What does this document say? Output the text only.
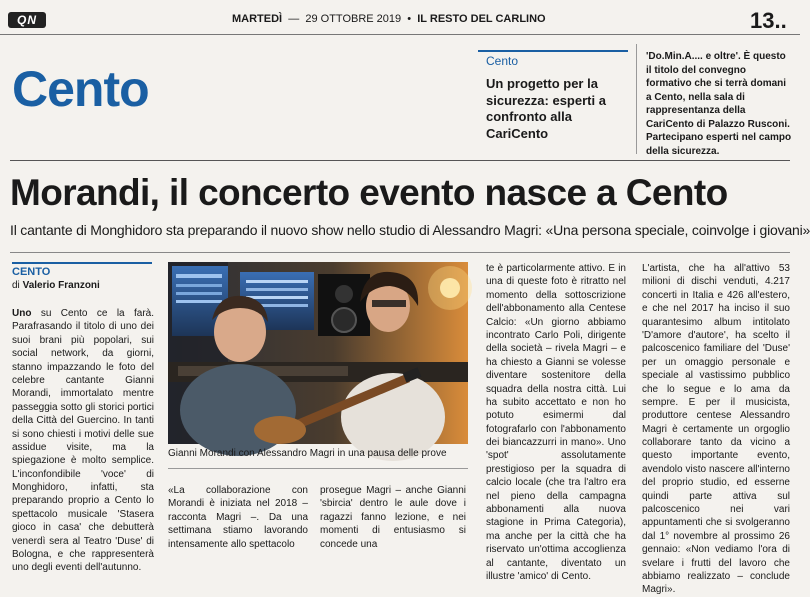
QN	MARTEDÌ  —  29 OTTOBRE 2019  •  IL RESTO DEL CARLINO	13..
Cento	Cento
Un progetto per la sicurezza: esperti a confronto alla CariCento
'Do.Min.A.... e oltre'. È questo il titolo del convegno formativo che si terrà domani a Cento, nella sala di rappresentanza della CariCento di Palazzo Rusconi. Partecipano esperti nel campo della sicurezza.
Morandi, il concerto evento nasce a Cento
Il cantante di Monghidoro sta preparando il nuovo show nello studio di Alessandro Magri: «Una persona speciale, coinvolge i giovani»
CENTO
di Valerio Franzoni
Uno su Cento ce la farà. Parafrasando il titolo di uno dei suoi brani più popolari, sui social network, da giorni, stanno impazzando le foto del celebre cantante Gianni Morandi, immortalato mentre passeggia sotto gli storici portici della Città del Guercino. In tanti si sono chiesti i motivi delle sue assidue visite, ma la spiegazione è molto semplice. L'inconfondibile 'voce' di Monghidoro, infatti, sta preparando proprio a Cento lo spettacolo musicale 'Stasera gioco in casa' che debutterà venerdì sera al Teatro 'Duse' di Bologna, e che rappresenterà uno degli eventi dell'autunno.
Gianni Morandi con Alessandro Magri in una pausa delle prove
«La collaborazione con Morandi è iniziata nel 2018 – racconta Magri –. Da una settimana stiamo lavorando intensamente allo spettacolo
prosegue Magri – anche Gianni 'sbircia' dentro le aule dove i ragazzi fanno lezione, e nei momenti di entusiasmo si concede una
te è particolarmente attivo. E in una di queste foto è ritratto nel momento della sottoscrizione dell'abbonamento alla Centese Calcio: «Un giorno abbiamo incontrato Carlo Poli, dirigente della società – rivela Magri – e ha chiesto a Gianni se volesse diventare sostenitore della squadra della nostra città. Lui ha subito accettato e non ho potuto esimermi dal fotografarlo con l'abbonamento dei biancazzurri in mano». Uno 'spot' assolutamente prestigioso per la squadra di calcio locale (che tra l'altro era nel pieno della campagna abbonamenti alla nuova stagione in Prima Categoria), ma anche per la città che ha riservato un'ottima accoglienza al cantante, diventato un illustre 'amico' di Cento.
L'artista, che ha all'attivo 53 milioni di dischi venduti, 4.217 concerti in Italia e 426 all'estero, e che nel 2017 ha inciso il suo quarantesimo album intitolato 'D'amore d'autore', ha scelto il palcoscenico familiare del 'Duse' per un omaggio personale e speciale al vastissimo pubblico che lo segue e lo ama da sempre. E per il musicista, produttore centese Alessandro Magri è certamente un orgoglio collaborare tanto da vicino a questo importante evento, avendolo visto nascere all'interno del proprio studio, ed esserne quindi parte attiva sul palcoscenico nei vari appuntamenti che si svolgeranno dal 1° novembre al prossimo 26 gennaio: «Non vediamo l'ora di svelare i frutti del lavoro che abbiamo realizzato – conclude Magri».
